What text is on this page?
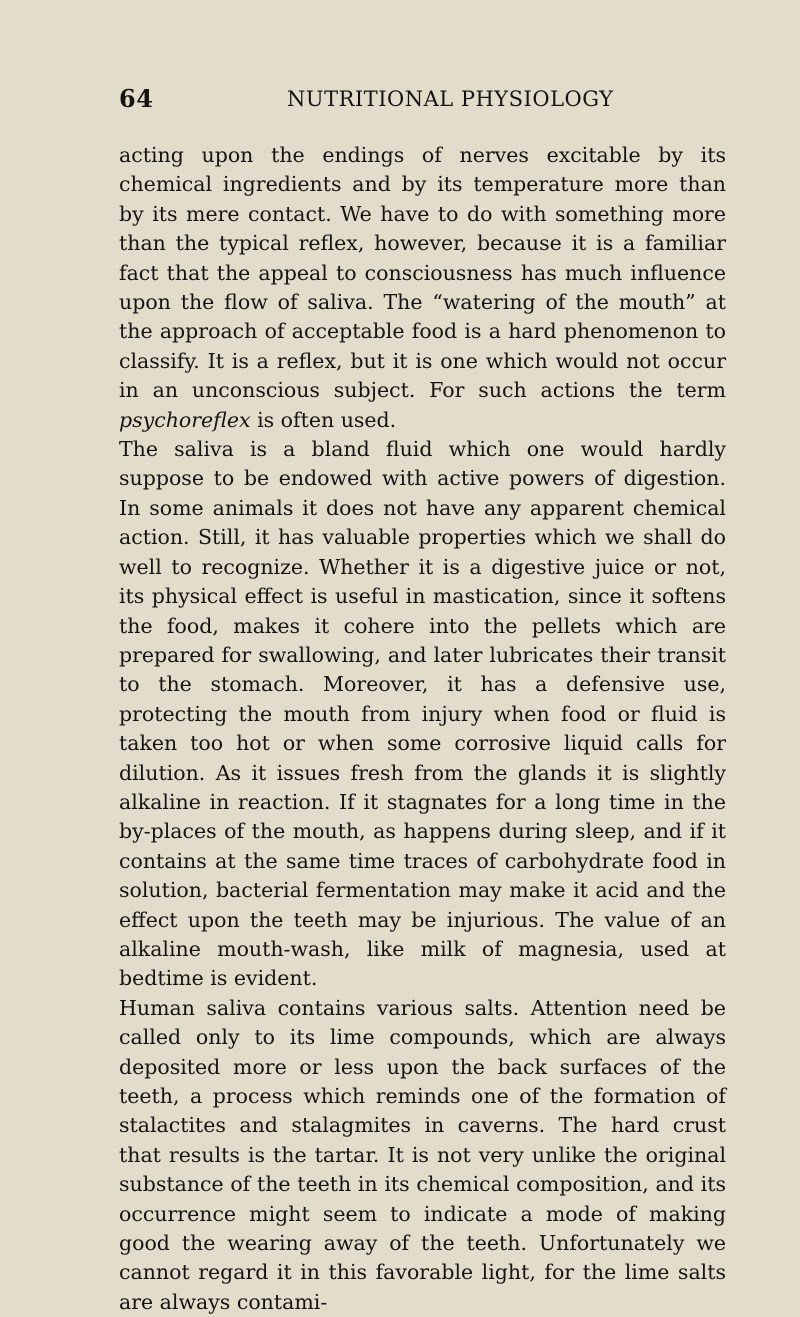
64	NUTRITIONAL PHYSIOLOGY

acting upon the endings of nerves excitable by its chemical ingredients and by its temperature more than by its mere contact. We have to do with something more than the typical reflex, however, because it is a familiar fact that the appeal to consciousness has much influence upon the flow of saliva. The “watering of the mouth” at the approach of acceptable food is a hard phenomenon to classify. It is a reflex, but it is one which would not occur in an unconscious subject. For such actions the term psychoreflex is often used.

The saliva is a bland fluid which one would hardly suppose to be endowed with active powers of digestion. In some animals it does not have any apparent chemical action. Still, it has valuable properties which we shall do well to recognize. Whether it is a digestive juice or not, its physical effect is useful in mastication, since it softens the food, makes it cohere into the pellets which are prepared for swallowing, and later lubricates their transit to the stomach. Moreover, it has a defensive use, protecting the mouth from injury when food or fluid is taken too hot or when some corrosive liquid calls for dilution. As it issues fresh from the glands it is slightly alkaline in reaction. If it stagnates for a long time in the by-places of the mouth, as happens during sleep, and if it contains at the same time traces of carbohydrate food in solution, bacterial fermentation may make it acid and the effect upon the teeth may be injurious. The value of an alkaline mouth-wash, like milk of magnesia, used at bedtime is evident.

Human saliva contains various salts. Attention need be called only to its lime compounds, which are always deposited more or less upon the back surfaces of the teeth, a process which reminds one of the formation of stalactites and stalagmites in caverns. The hard crust that results is the tartar. It is not very unlike the original substance of the teeth in its chemical composition, and its occurrence might seem to indicate a mode of making good the wearing away of the teeth. Unfortunately we cannot regard it in this favorable light, for the lime salts are always contami-
